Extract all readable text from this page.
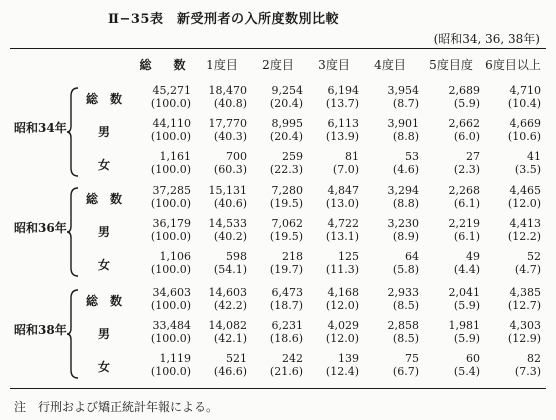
Ⅱ−35表　新受刑者の入所度数別比較
(昭和34, 36, 38年)
総　数 1度目 2度目 3度目 4度目 5度目度 6度目以上
昭和34年
総　数
45,271
(100.0)
18,470
(40.8)
9,254
(20.4)
6,194
(13.7)
3,954
(8.7)
2,689
(5.9)
4,710
(10.4)
男
44,110
(100.0)
17,770
(40.3)
8,995
(20.4)
6,113
(13.9)
3,901
(8.8)
2,662
(6.0)
4,669
(10.6)
女
1,161
(100.0)
700
(60.3)
259
(22.3)
81
(7.0)
53
(4.6)
27
(2.3)
41
(3.5)
昭和36年
総　数
37,285
(100.0)
15,131
(40.6)
7,280
(19.5)
4,847
(13.0)
3,294
(8.8)
2,268
(6.1)
4,465
(12.0)
男
36,179
(100.0)
14,533
(40.2)
7,062
(19.5)
4,722
(13.1)
3,230
(8.9)
2,219
(6.1)
4,413
(12.2)
女
1,106
(100.0)
598
(54.1)
218
(19.7)
125
(11.3)
64
(5.8)
49
(4.4)
52
(4.7)
昭和38年
総　数
34,603
(100.0)
14,603
(42.2)
6,473
(18.7)
4,168
(12.0)
2,933
(8.5)
2,041
(5.9)
4,385
(12.7)
男
33,484
(100.0)
14,082
(42.1)
6,231
(18.6)
4,029
(12.0)
2,858
(8.5)
1,981
(5.9)
4,303
(12.9)
女
1,119
(100.0)
521
(46.6)
242
(21.6)
139
(12.4)
75
(6.7)
60
(5.4)
82
(7.3)
注　行刑および矯正統計年報による。
